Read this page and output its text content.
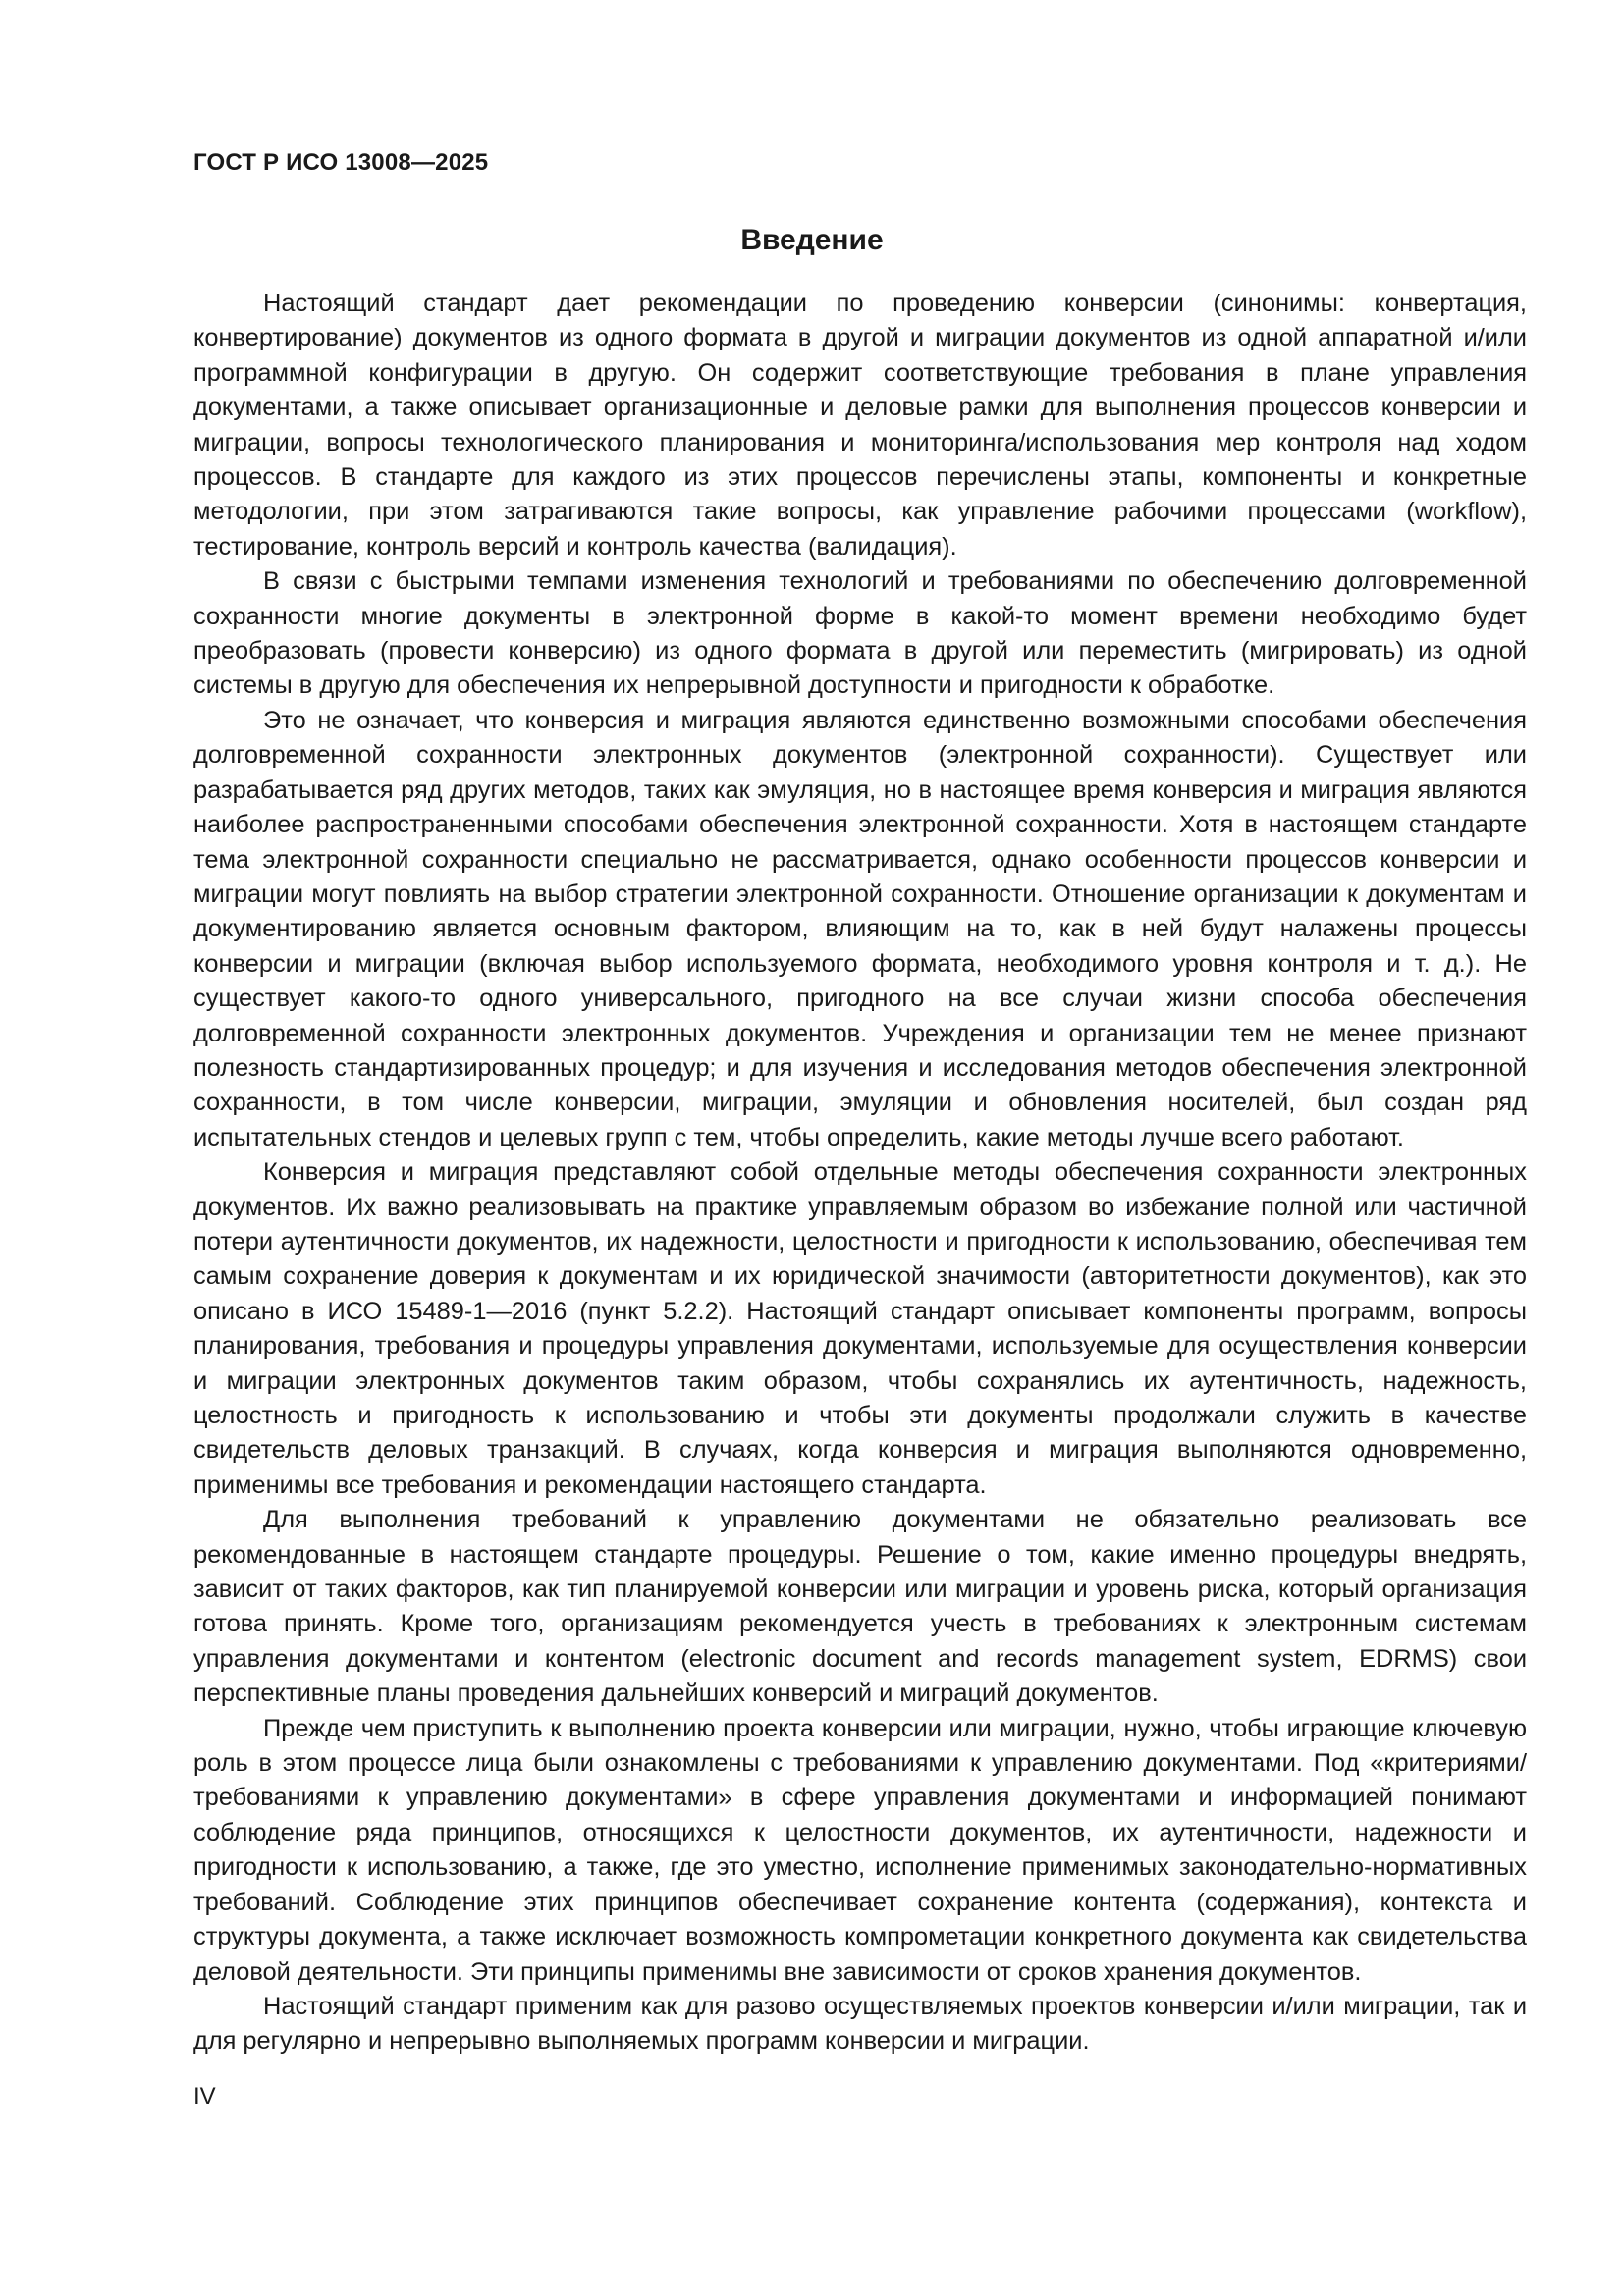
ГОСТ Р ИСО 13008—2025
Введение

Настоящий стандарт дает рекомендации по проведению конверсии (синонимы: конвертация, конвертирование) документов из одного формата в другой и миграции документов из одной аппаратной и/или программной конфигурации в другую. Он содержит соответствующие требования в плане управления документами, а также описывает организационные и деловые рамки для выполнения процессов конверсии и миграции, вопросы технологического планирования и мониторинга/использования мер контроля над ходом процессов. В стандарте для каждого из этих процессов перечислены этапы, компоненты и конкретные методологии, при этом затрагиваются такие вопросы, как управление рабочими процессами (workflow), тестирование, контроль версий и контроль качества (валидация).

В связи с быстрыми темпами изменения технологий и требованиями по обеспечению долговременной сохранности многие документы в электронной форме в какой-то момент времени необходимо будет преобразовать (провести конверсию) из одного формата в другой или переместить (мигрировать) из одной системы в другую для обеспечения их непрерывной доступности и пригодности к обработке.

Это не означает, что конверсия и миграция являются единственно возможными способами обеспечения долговременной сохранности электронных документов (электронной сохранности). Существует или разрабатывается ряд других методов, таких как эмуляция, но в настоящее время конверсия и миграция являются наиболее распространенными способами обеспечения электронной сохранности. Хотя в настоящем стандарте тема электронной сохранности специально не рассматривается, однако особенности процессов конверсии и миграции могут повлиять на выбор стратегии электронной сохранности. Отношение организации к документам и документированию является основным фактором, влияющим на то, как в ней будут налажены процессы конверсии и миграции (включая выбор используемого формата, необходимого уровня контроля и т. д.). Не существует какого-то одного универсального, пригодного на все случаи жизни способа обеспечения долговременной сохранности электронных документов. Учреждения и организации тем не менее признают полезность стандартизированных процедур; и для изучения и исследования методов обеспечения электронной сохранности, в том числе конверсии, миграции, эмуляции и обновления носителей, был создан ряд испытательных стендов и целевых групп с тем, чтобы определить, какие методы лучше всего работают.

Конверсия и миграция представляют собой отдельные методы обеспечения сохранности электронных документов. Их важно реализовывать на практике управляемым образом во избежание полной или частичной потери аутентичности документов, их надежности, целостности и пригодности к использованию, обеспечивая тем самым сохранение доверия к документам и их юридической значимости (авторитетности документов), как это описано в ИСО 15489-1—2016 (пункт 5.2.2). Настоящий стандарт описывает компоненты программ, вопросы планирования, требования и процедуры управления документами, используемые для осуществления конверсии и миграции электронных документов таким образом, чтобы сохранялись их аутентичность, надежность, целостность и пригодность к использованию и чтобы эти документы продолжали служить в качестве свидетельств деловых транзакций. В случаях, когда конверсия и миграция выполняются одновременно, применимы все требования и рекомендации настоящего стандарта.

Для выполнения требований к управлению документами не обязательно реализовать все рекомендованные в настоящем стандарте процедуры. Решение о том, какие именно процедуры внедрять, зависит от таких факторов, как тип планируемой конверсии или миграции и уровень риска, который организация готова принять. Кроме того, организациям рекомендуется учесть в требованиях к электронным системам управления документами и контентом (electronic document and records management system, EDRMS) свои перспективные планы проведения дальнейших конверсий и миграций документов.

Прежде чем приступить к выполнению проекта конверсии или миграции, нужно, чтобы играющие ключевую роль в этом процессе лица были ознакомлены с требованиями к управлению документами. Под «критериями/требованиями к управлению документами» в сфере управления документами и информацией понимают соблюдение ряда принципов, относящихся к целостности документов, их аутентичности, надежности и пригодности к использованию, а также, где это уместно, исполнение применимых законодательно-нормативных требований. Соблюдение этих принципов обеспечивает сохранение контента (содержания), контекста и структуры документа, а также исключает возможность компрометации конкретного документа как свидетельства деловой деятельности. Эти принципы применимы вне зависимости от сроков хранения документов.

Настоящий стандарт применим как для разово осуществляемых проектов конверсии и/или миграции, так и для регулярно и непрерывно выполняемых программ конверсии и миграции.

IV
